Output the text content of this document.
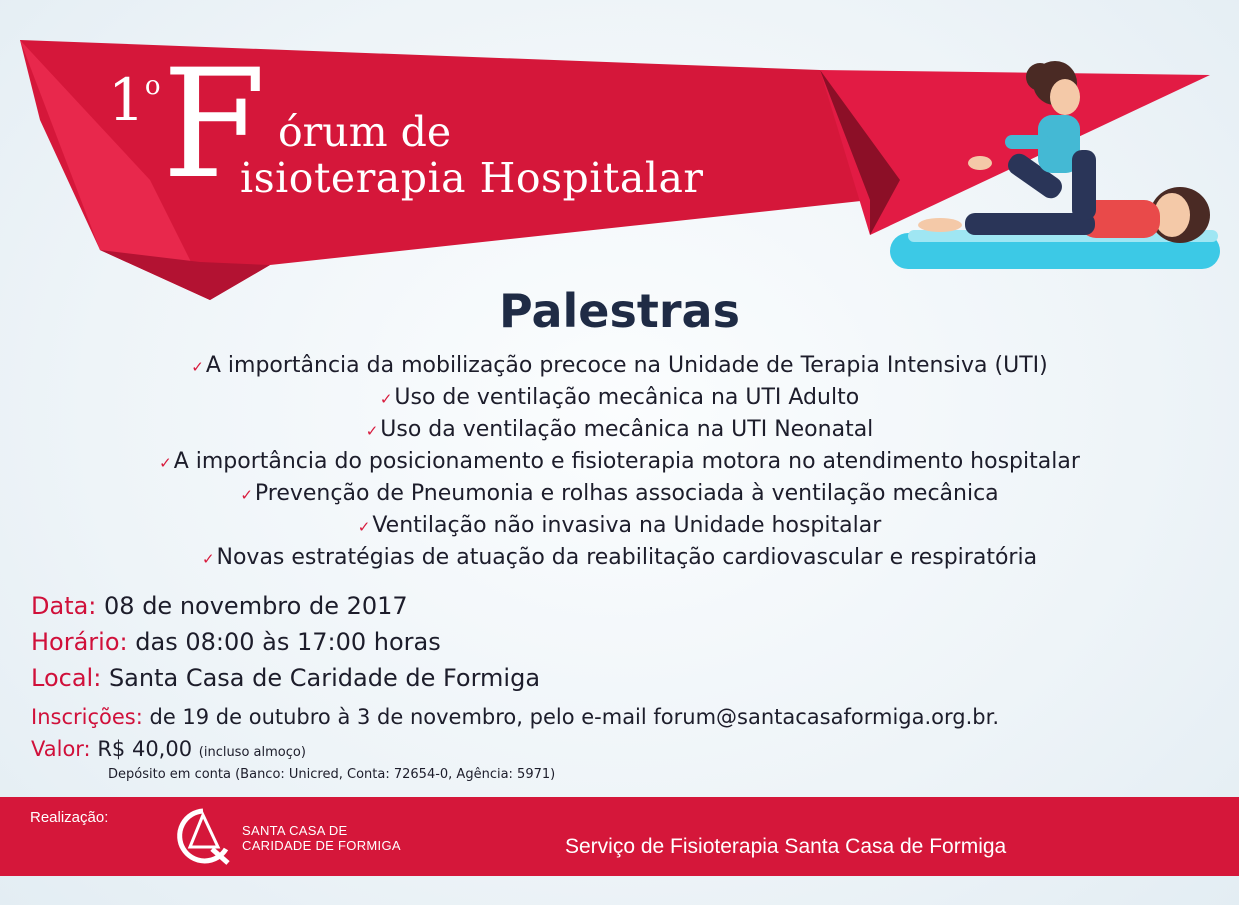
1$^o$ F órum de
isioterapia Hospitalar
Palestras
✓A importância da mobilização precoce na Unidade de Terapia Intensiva (UTI)
✓Uso de ventilação mecânica na UTI Adulto
✓Uso da ventilação mecânica na UTI Neonatal
✓A importância do posicionamento e fisioterapia motora no atendimento hospitalar
✓Prevenção de Pneumonia e rolhas associada à ventilação mecânica
✓Ventilação não invasiva na Unidade hospitalar
✓Novas estratégias de atuação da reabilitação cardiovascular e respiratória
Data: 08 de novembro de 2017
Horário: das 08:00 às 17:00 horas
Local: Santa Casa de Caridade de Formiga
Inscrições: de 19 de outubro à 3 de novembro, pelo e-mail forum@santacasaformiga.org.br.
Valor: R$ 40,00 (incluso almoço)
Depósito em conta (Banco: Unicred, Conta: 72654-0, Agência: 5971)
Realização:
SANTA CASA DE
CARIDADE DE FORMIGA	Serviço de Fisioterapia Santa Casa de Formiga
